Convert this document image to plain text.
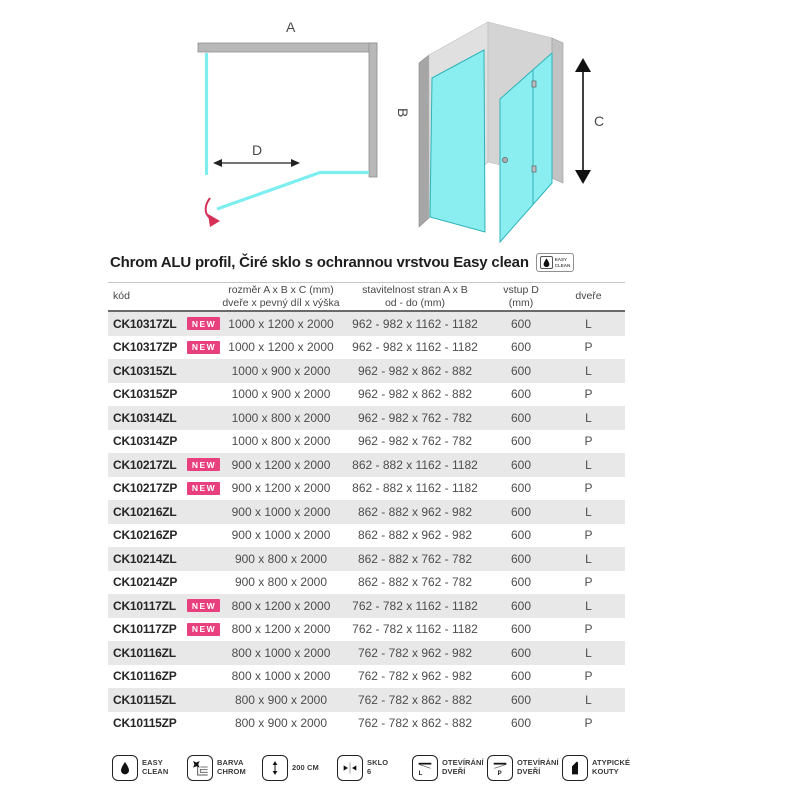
A
B
D
C
Chrom ALU profil, Čiré sklo s ochrannou vrstvou Easy clean	EASY
CLEAN
kód
rozměr A x B x C (mm)
dveře x pevný díl x výška
stavitelnost stran A x B
od - do (mm)
vstup D
(mm)
dveře
CK10317ZL	NEW	1000 x 1200 x 2000	962 - 982 x 1162 - 1182	600	L
CK10317ZP	NEW	1000 x 1200 x 2000	962 - 982 x 1162 - 1182	600	P
CK10315ZL	1000 x 900 x 2000	962 - 982 x 862 - 882	600	L
CK10315ZP	1000 x 900 x 2000	962 - 982 x 862 - 882	600	P
CK10314ZL	1000 x 800 x 2000	962 - 982 x 762 - 782	600	L
CK10314ZP	1000 x 800 x 2000	962 - 982 x 762 - 782	600	P
CK10217ZL	NEW	900 x 1200 x 2000	862 - 882 x 1162 - 1182	600	L
CK10217ZP	NEW	900 x 1200 x 2000	862 - 882 x 1162 - 1182	600	P
CK10216ZL	900 x 1000 x 2000	862 - 882 x 962 - 982	600	L
CK10216ZP	900 x 1000 x 2000	862 - 882 x 962 - 982	600	P
CK10214ZL	900 x 800 x 2000	862 - 882 x 762 - 782	600	L
CK10214ZP	900 x 800 x 2000	862 - 882 x 762 - 782	600	P
CK10117ZL	NEW	800 x 1200 x 2000	762 - 782 x 1162 - 1182	600	L
CK10117ZP	NEW	800 x 1200 x 2000	762 - 782 x 1162 - 1182	600	P
CK10116ZL	800 x 1000 x 2000	762 - 782 x 962 - 982	600	L
CK10116ZP	800 x 1000 x 2000	762 - 782 x 962 - 982	600	P
CK10115ZL	800 x 900 x 2000	762 - 782 x 862 - 882	600	L
CK10115ZP	800 x 900 x 2000	762 - 782 x 862 - 882	600	P
EASY
CLEAN
BARVA
CHROM	200 CM	SKLO
6	L
OTEVÍRÁNÍ
DVEŘÍ	P
OTEVÍRÁNÍ
DVEŘÍ
ATYPICKÉ
KOUTY
